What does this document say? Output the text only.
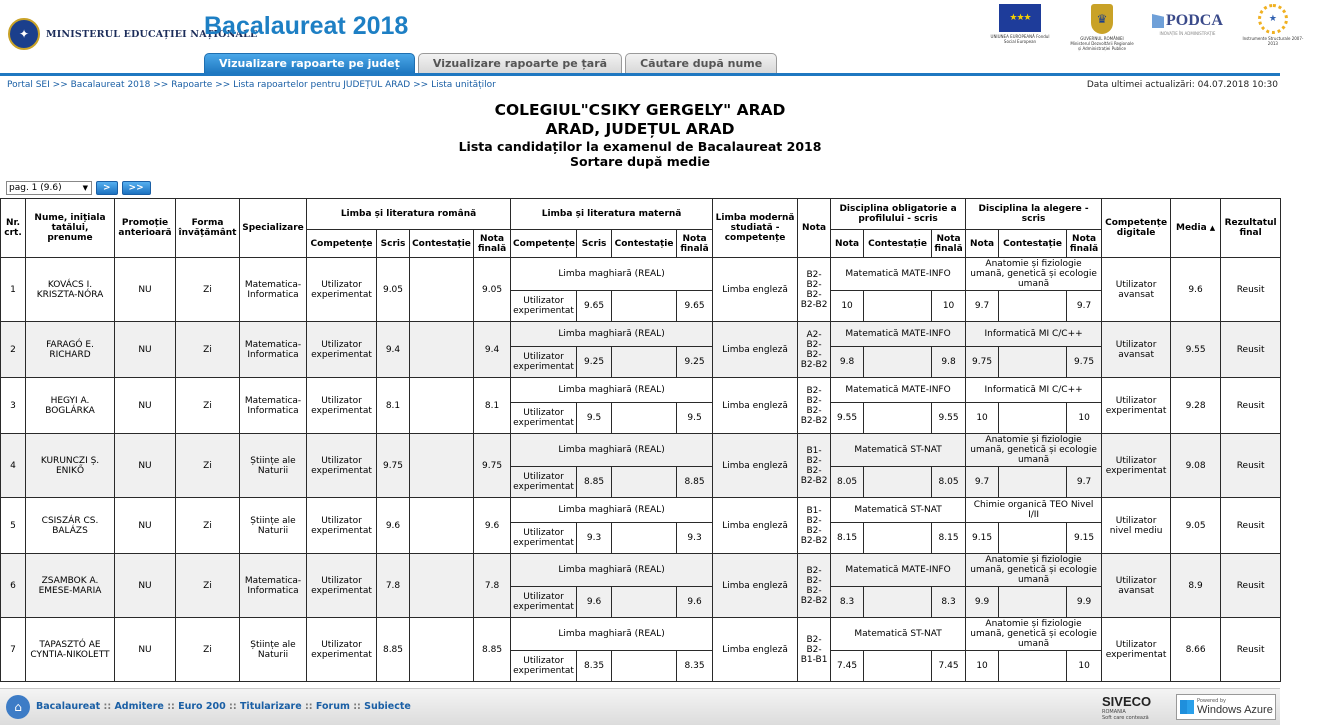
✦	MINISTERUL EDUCAȚIEI NAȚIONALE
Bacalaureat 2018
Vizualizare rapoarte pe județ	Vizualizare rapoarte pe țară	Căutare după nume
★★★
UNIUNEA EUROPEANĂ Fondul Social European
♛
GUVERNUL ROMÂNIEI Ministerul Dezvoltării Regionale și Administrației Publice
PODCA
INOVAȚIE ÎN ADMINISTRAȚIE
★
Instrumente Structurale 2007-2013
Portal SEI >> Bacalaureat 2018 >> Rapoarte >> Lista rapoartelor pentru JUDEȚUL ARAD >> Lista unităților	Data ultimei actualizări: 04.07.2018 10:30
COLEGIUL"CSIKY GERGELY" ARAD
ARAD, JUDEȚUL ARAD
Lista candidaților la examenul de Bacalaureat 2018
Sortare după medie
pag. 1 (9.6)	▼	>	>>
Nr. crt.	Nume, inițiala tatălui, prenume	Promoție anterioară	Forma învățământ	Specializare	Limba și literatura română				Limba și literatura maternă				Limba modernă studiată - competențe	Nota	Disciplina obligatorie a profilului - scris			Disciplina la alegere - scris			Competențe digitale	Media ▲	Rezultatul final
					Competențe	Scris	Contestație	Nota finală	Competențe	Scris	Contestație	Nota finală			Nota	Contestație	Nota finală	Nota	Contestație	Nota finală			
1	KOVÁCS I. KRISZTA-NÓRA	NU	Zi	Matematica-Informatica	Utilizator experimentat	9.05		9.05	Limba maghiară (REAL)				Limba engleză	B2-B2-B2-B2-B2	Matematică MATE-INFO			Anatomie și fiziologie umană, genetică și ecologie umană			Utilizator avansat	9.6	Reusit
									Utilizator experimentat	9.65		9.65			10		10	9.7		9.7			
2	FARAGÓ E. RICHARD	NU	Zi	Matematica-Informatica	Utilizator experimentat	9.4		9.4	Limba maghiară (REAL)				Limba engleză	A2-B2-B2-B2-B2	Matematică MATE-INFO			Informatică MI C/C++			Utilizator avansat	9.55	Reusit
									Utilizator experimentat	9.25		9.25			9.8		9.8	9.75		9.75			
3	HEGYI A. BOGLÁRKA	NU	Zi	Matematica-Informatica	Utilizator experimentat	8.1		8.1	Limba maghiară (REAL)				Limba engleză	B2-B2-B2-B2-B2	Matematică MATE-INFO			Informatică MI C/C++			Utilizator experimentat	9.28	Reusit
									Utilizator experimentat	9.5		9.5			9.55		9.55	10		10			
4	KURUNCZI Ș. ENIKŐ	NU	Zi	Științe ale Naturii	Utilizator experimentat	9.75		9.75	Limba maghiară (REAL)				Limba engleză	B1-B2-B2-B2-B2	Matematică ST-NAT			Anatomie și fiziologie umană, genetică și ecologie umană			Utilizator experimentat	9.08	Reusit
									Utilizator experimentat	8.85		8.85			8.05		8.05	9.7		9.7			
5	CSISZÁR CS. BALÁZS	NU	Zi	Științe ale Naturii	Utilizator experimentat	9.6		9.6	Limba maghiară (REAL)				Limba engleză	B1-B2-B2-B2-B2	Matematică ST-NAT			Chimie organică TEO Nivel I/II			Utilizator nivel mediu	9.05	Reusit
									Utilizator experimentat	9.3		9.3			8.15		8.15	9.15		9.15			
6	ZSAMBOK A. EMESE-MARIA	NU	Zi	Matematica-Informatica	Utilizator experimentat	7.8		7.8	Limba maghiară (REAL)				Limba engleză	B2-B2-B2-B2-B2	Matematică MATE-INFO			Anatomie și fiziologie umană, genetică și ecologie umană			Utilizator avansat	8.9	Reusit
									Utilizator experimentat	9.6		9.6			8.3		8.3	9.9		9.9			
7	TAPASZTÓ AE CYNTIA-NIKOLETT	NU	Zi	Științe ale Naturii	Utilizator experimentat	8.85		8.85	Limba maghiară (REAL)				Limba engleză	B2-B2-B1-B1	Matematică ST-NAT			Anatomie și fiziologie umană, genetică și ecologie umană			Utilizator experimentat	8.66	Reusit
									Utilizator experimentat	8.35		8.35			7.45		7.45	10		10			
⌂	Bacalaureat :: Admitere :: Euro 200 :: Titularizare :: Forum :: Subiecte	SIVECO
ROMANIA
Soft care contează
Powered by
Windows Azure
